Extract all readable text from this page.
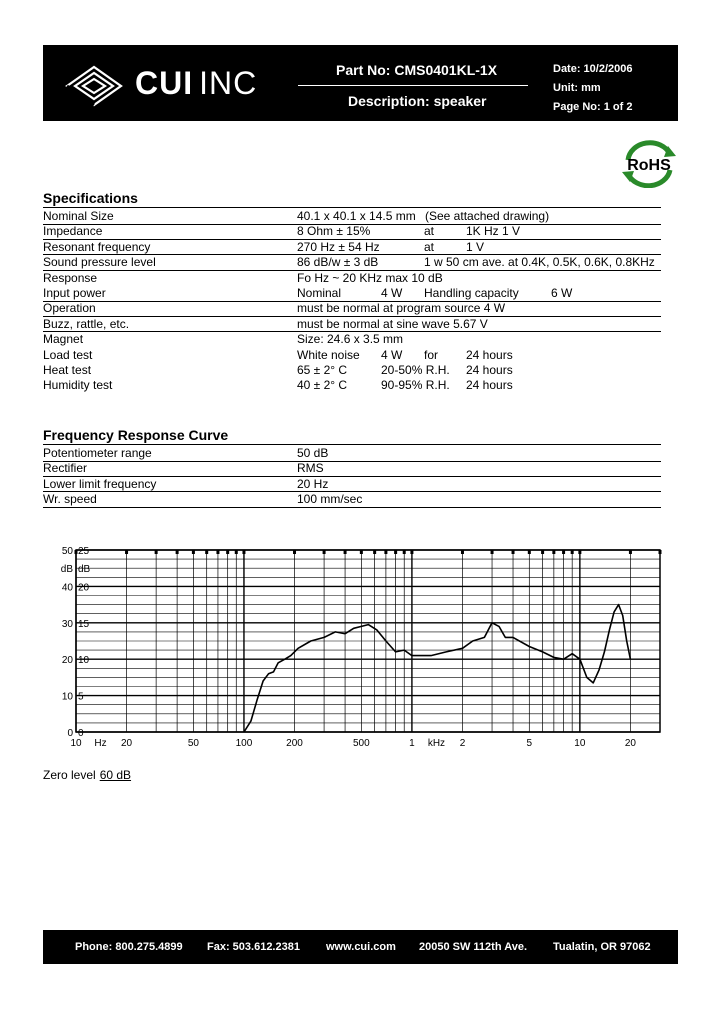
CUI INC	Part No: CMS0401KL-1X
Description: speaker
Date: 10/2/2006
Unit: mm
Page No: 1 of 2
RoHS
Specifications
Nominal Size	40.1 x 40.1 x 14.5 mm (See attached drawing)
Impedance	8 Ohm ± 15%	at	1K Hz 1 V
Resonant frequency	270 Hz ± 54 Hz	at	1 V
Sound pressure level	86 dB/w ± 3 dB	1 w 50 cm ave. at 0.4K, 0.5K, 0.6K, 0.8KHz
Response	Fo Hz ~ 20 KHz max 10 dB
Input power	Nominal	4 W Handling capacity	6 W
Operation	must be normal at program source 4 W
Buzz, rattle, etc.	must be normal at sine wave 5.67 V
Magnet	Size: 24.6 x 3.5 mm
Load test	White noise 4 W for 24 hours
Heat test	65 ± 2° C	20-50% R.H. 24 hours
Humidity test	40 ± 2° C	90-95% R.H. 24 hours
Frequency Response Curve
Potentiometer range	50 dB
Rectifier	RMS
Lower limit frequency	20 Hz
Wr. speed	100 mm/sec
50
dB
40
30
20
10
0
25
dB
20
15
10
5
0
10 Hz 20	50	100	200	500	1 kHz 2	5	10	20
Zero level 60 dB
Phone: 800.275.4899 Fax: 503.612.2381 www.cui.com 20050 SW 112th Ave. Tualatin, OR 97062
